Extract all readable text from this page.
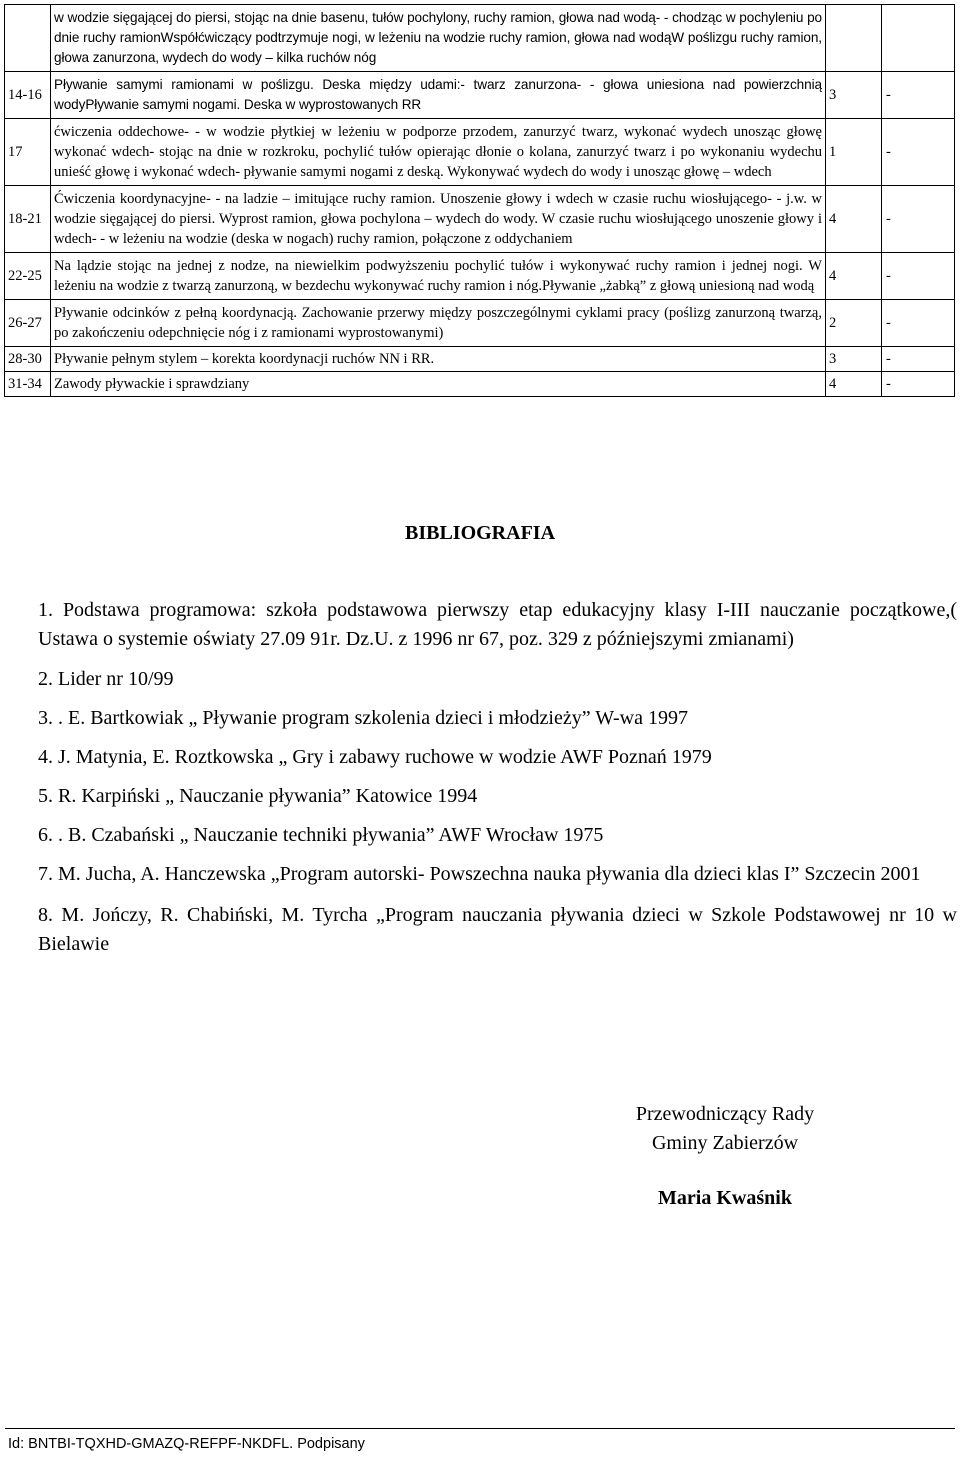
	w wodzie sięgającej do piersi, stojąc na dnie basenu, tułów pochylony, ruchy ramion, głowa nad wodą- - chodząc w pochyleniu po dnie ruchy ramionWspółćwiczący podtrzymuje nogi, w leżeniu na wodzie ruchy ramion, głowa nad wodąW poślizgu ruchy ramion, głowa zanurzona, wydech do wody – kilka ruchów nóg		
14-16	Pływanie samymi ramionami w poślizgu. Deska między udami:- twarz zanurzona- - głowa uniesiona nad powierzchnią wodyPływanie samymi nogami. Deska w wyprostowanych RR	3	-
17	ćwiczenia oddechowe- - w wodzie płytkiej w leżeniu w podporze przodem, zanurzyć twarz, wykonać wydech unosząc głowę wykonać wdech- stojąc na dnie w rozkroku, pochylić tułów opierając dłonie o kolana, zanurzyć twarz i po wykonaniu wydechu unieść głowę i wykonać wdech- pływanie samymi nogami z deską. Wykonywać wydech do wody i unosząc głowę – wdech	1	-
18-21	Ćwiczenia koordynacyjne- - na ladzie – imitujące ruchy ramion. Unoszenie głowy i wdech w czasie ruchu wiosłującego- - j.w. w wodzie sięgającej do piersi. Wyprost ramion, głowa pochylona – wydech do wody. W czasie ruchu wiosłującego unoszenie głowy i wdech- - w leżeniu na wodzie (deska w nogach) ruchy ramion, połączone z oddychaniem	4	-
22-25	Na lądzie stojąc na jednej z nodze, na niewielkim podwyższeniu pochylić tułów i wykonywać ruchy ramion i jednej nogi. W leżeniu na wodzie z twarzą zanurzoną, w bezdechu wykonywać ruchy ramion i nóg.Pływanie „żabką” z głową uniesioną nad wodą	4	-
26-27	Pływanie odcinków z pełną koordynacją. Zachowanie przerwy między poszczególnymi cyklami pracy (poślizg zanurzoną twarzą, po zakończeniu odepchnięcie nóg i z ramionami wyprostowanymi)	2	-
28-30	Pływanie pełnym stylem – korekta koordynacji ruchów NN i RR.	3	-
31-34	Zawody pływackie i sprawdziany	4	-
BIBLIOGRAFIA

1. Podstawa programowa: szkoła podstawowa pierwszy etap edukacyjny klasy I-III nauczanie początkowe,( Ustawa o systemie oświaty 27.09 91r. Dz.U. z 1996 nr 67, poz. 329 z późniejszymi zmianami)

2. Lider nr 10/99

3. . E. Bartkowiak „ Pływanie program szkolenia dzieci i młodzieży” W-wa 1997

4. J. Matynia, E. Roztkowska „ Gry i zabawy ruchowe w wodzie AWF Poznań 1979

5. R. Karpiński „ Nauczanie pływania” Katowice 1994

6. . B. Czabański „ Nauczanie techniki pływania” AWF Wrocław 1975

7. M. Jucha, A. Hanczewska „Program autorski- Powszechna nauka pływania dla dzieci klas I” Szczecin 2001

8. M. Jończy, R. Chabiński, M. Tyrcha „Program nauczania pływania dzieci w Szkole Podstawowej nr 10 w Bielawie

Przewodniczący Rady
Gminy Zabierzów
Maria Kwaśnik
Id: BNTBI-TQXHD-GMAZQ-REFPF-NKDFL. Podpisany
